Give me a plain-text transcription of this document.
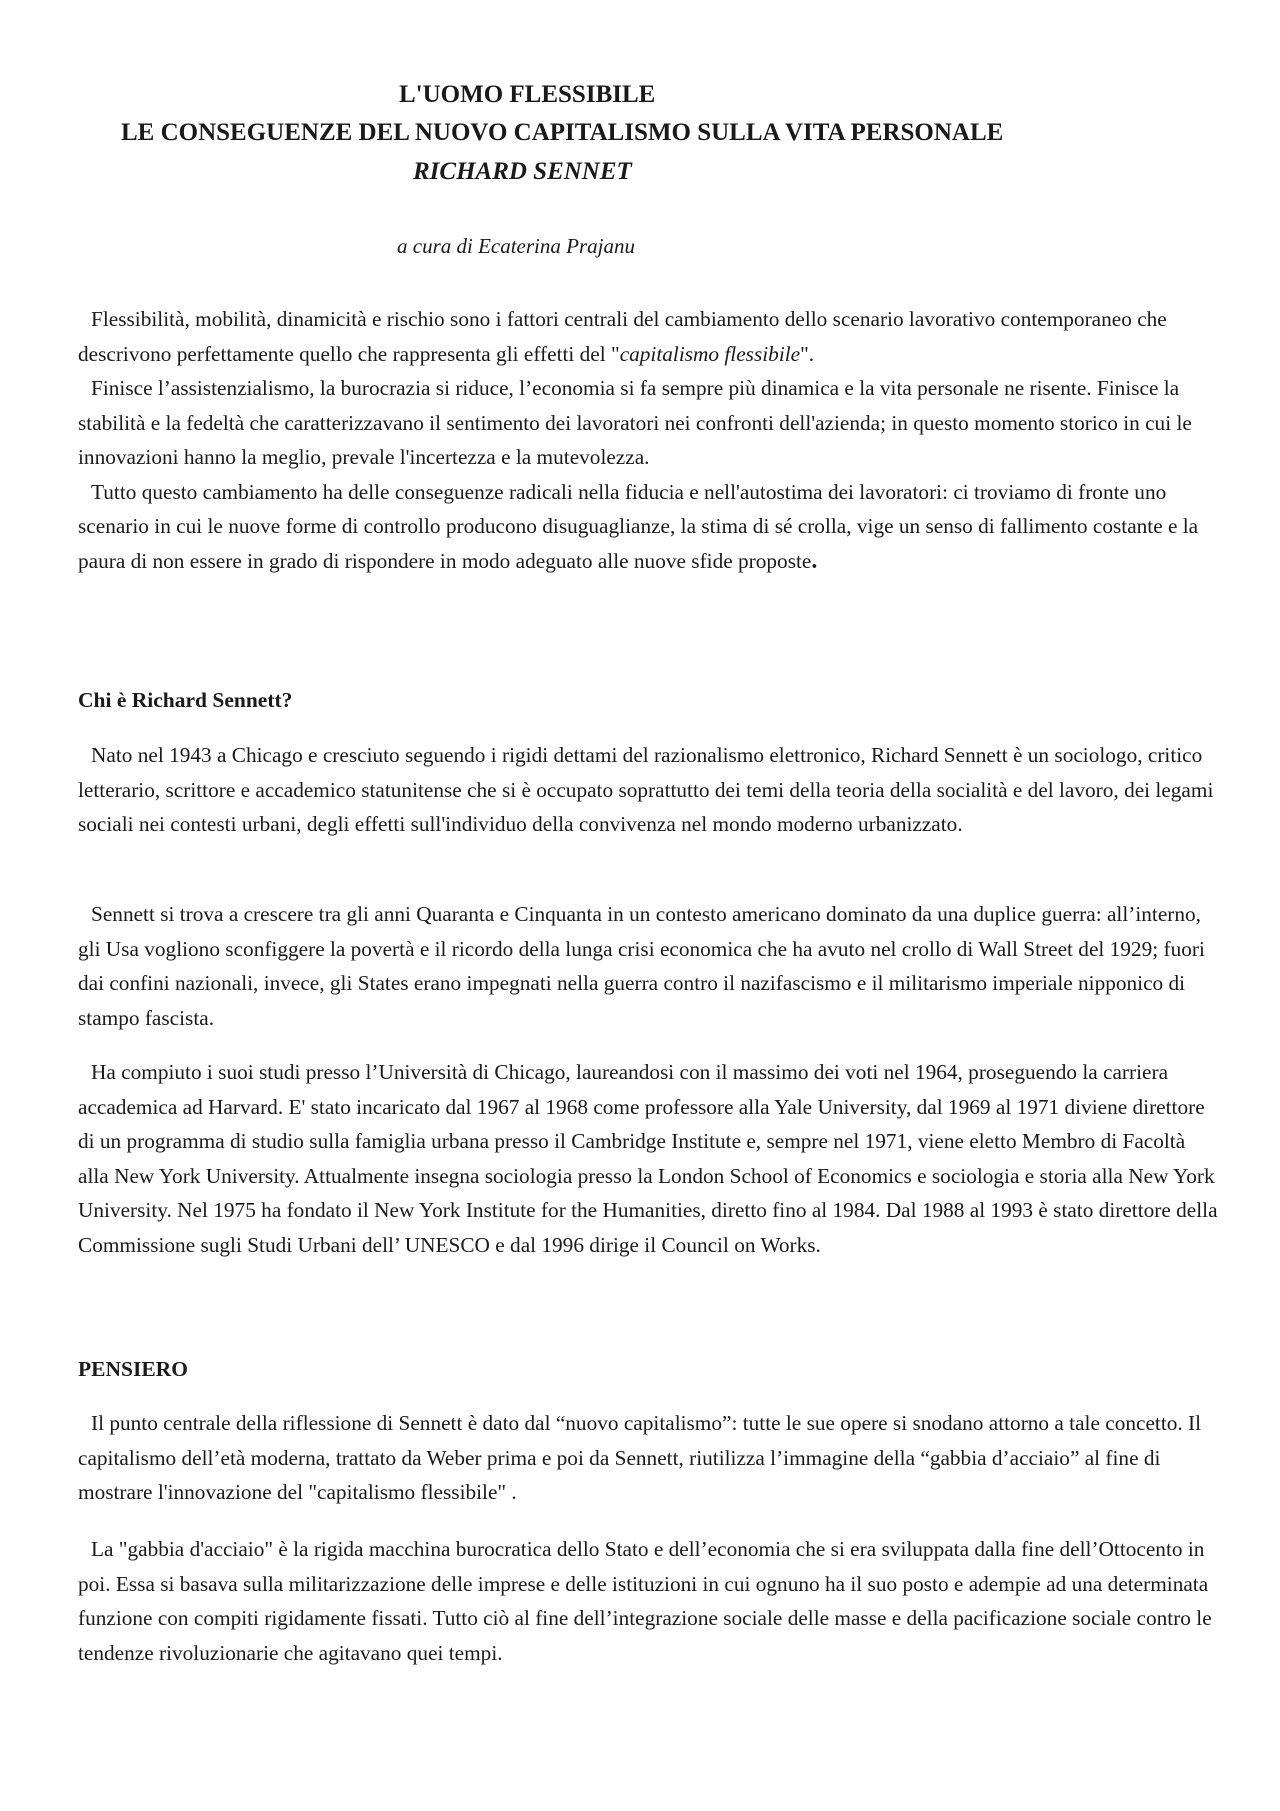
L'UOMO FLESSIBILE
LE CONSEGUENZE DEL NUOVO CAPITALISMO SULLA VITA PERSONALE
RICHARD SENNET
a cura di Ecaterina Prajanu

Flessibilità, mobilità, dinamicità e rischio sono i fattori centrali del cambiamento dello scenario lavorativo contemporaneo che descrivono perfettamente quello che rappresenta gli effetti del "capitalismo flessibile".

Finisce l’assistenzialismo, la burocrazia si riduce, l’economia si fa sempre più dinamica e la vita personale ne risente. Finisce la stabilità e la fedeltà che caratterizzavano il sentimento dei lavoratori nei confronti dell'azienda; in questo momento storico in cui le innovazioni hanno la meglio, prevale l'incertezza e la mutevolezza.

Tutto questo cambiamento ha delle conseguenze radicali nella fiducia e nell'autostima dei lavoratori: ci troviamo di fronte uno scenario in cui le nuove forme di controllo producono disuguaglianze, la stima di sé crolla, vige un senso di fallimento costante e la paura di non essere in grado di rispondere in modo adeguato alle nuove sfide proposte.

Chi è Richard Sennett?

Nato nel 1943 a Chicago e cresciuto seguendo i rigidi dettami del razionalismo elettronico, Richard Sennett è un sociologo, critico letterario, scrittore e accademico statunitense che si è occupato soprattutto dei temi della teoria della socialità e del lavoro, dei legami sociali nei contesti urbani, degli effetti sull'individuo della convivenza nel mondo moderno urbanizzato.

Sennett si trova a crescere tra gli anni Quaranta e Cinquanta in un contesto americano dominato da una duplice guerra: all’interno, gli Usa vogliono sconfiggere la povertà e il ricordo della lunga crisi economica che ha avuto nel crollo di Wall Street del 1929; fuori dai confini nazionali, invece, gli States erano impegnati nella guerra contro il nazifascismo e il militarismo imperiale nipponico di stampo fascista.

Ha compiuto i suoi studi presso l’Università di Chicago, laureandosi con il massimo dei voti nel 1964, proseguendo la carriera accademica ad Harvard. E' stato incaricato dal 1967 al 1968 come professore alla Yale University, dal 1969 al 1971 diviene direttore di un programma di studio sulla famiglia urbana presso il Cambridge Institute e, sempre nel 1971, viene eletto Membro di Facoltà alla New York University. Attualmente insegna sociologia presso la London School of Economics e sociologia e storia alla New York University. Nel 1975 ha fondato il New York Institute for the Humanities, diretto fino al 1984. Dal 1988 al 1993 è stato direttore della Commissione sugli Studi Urbani dell’ UNESCO e dal 1996 dirige il Council on Works.

PENSIERO

Il punto centrale della riflessione di Sennett è dato dal “nuovo capitalismo”: tutte le sue opere si snodano attorno a tale concetto. Il capitalismo dell’età moderna, trattato da Weber prima e poi da Sennett, riutilizza l’immagine della “gabbia d’acciaio” al fine di mostrare l'innovazione del "capitalismo flessibile" .

La "gabbia d'acciaio" è la rigida macchina burocratica dello Stato e dell’economia che si era sviluppata dalla fine dell’Ottocento in poi. Essa si basava sulla militarizzazione delle imprese e delle istituzioni in cui ognuno ha il suo posto e adempie ad una determinata funzione con compiti rigidamente fissati. Tutto ciò al fine dell’integrazione sociale delle masse e della pacificazione sociale contro le tendenze rivoluzionarie che agitavano quei tempi.
